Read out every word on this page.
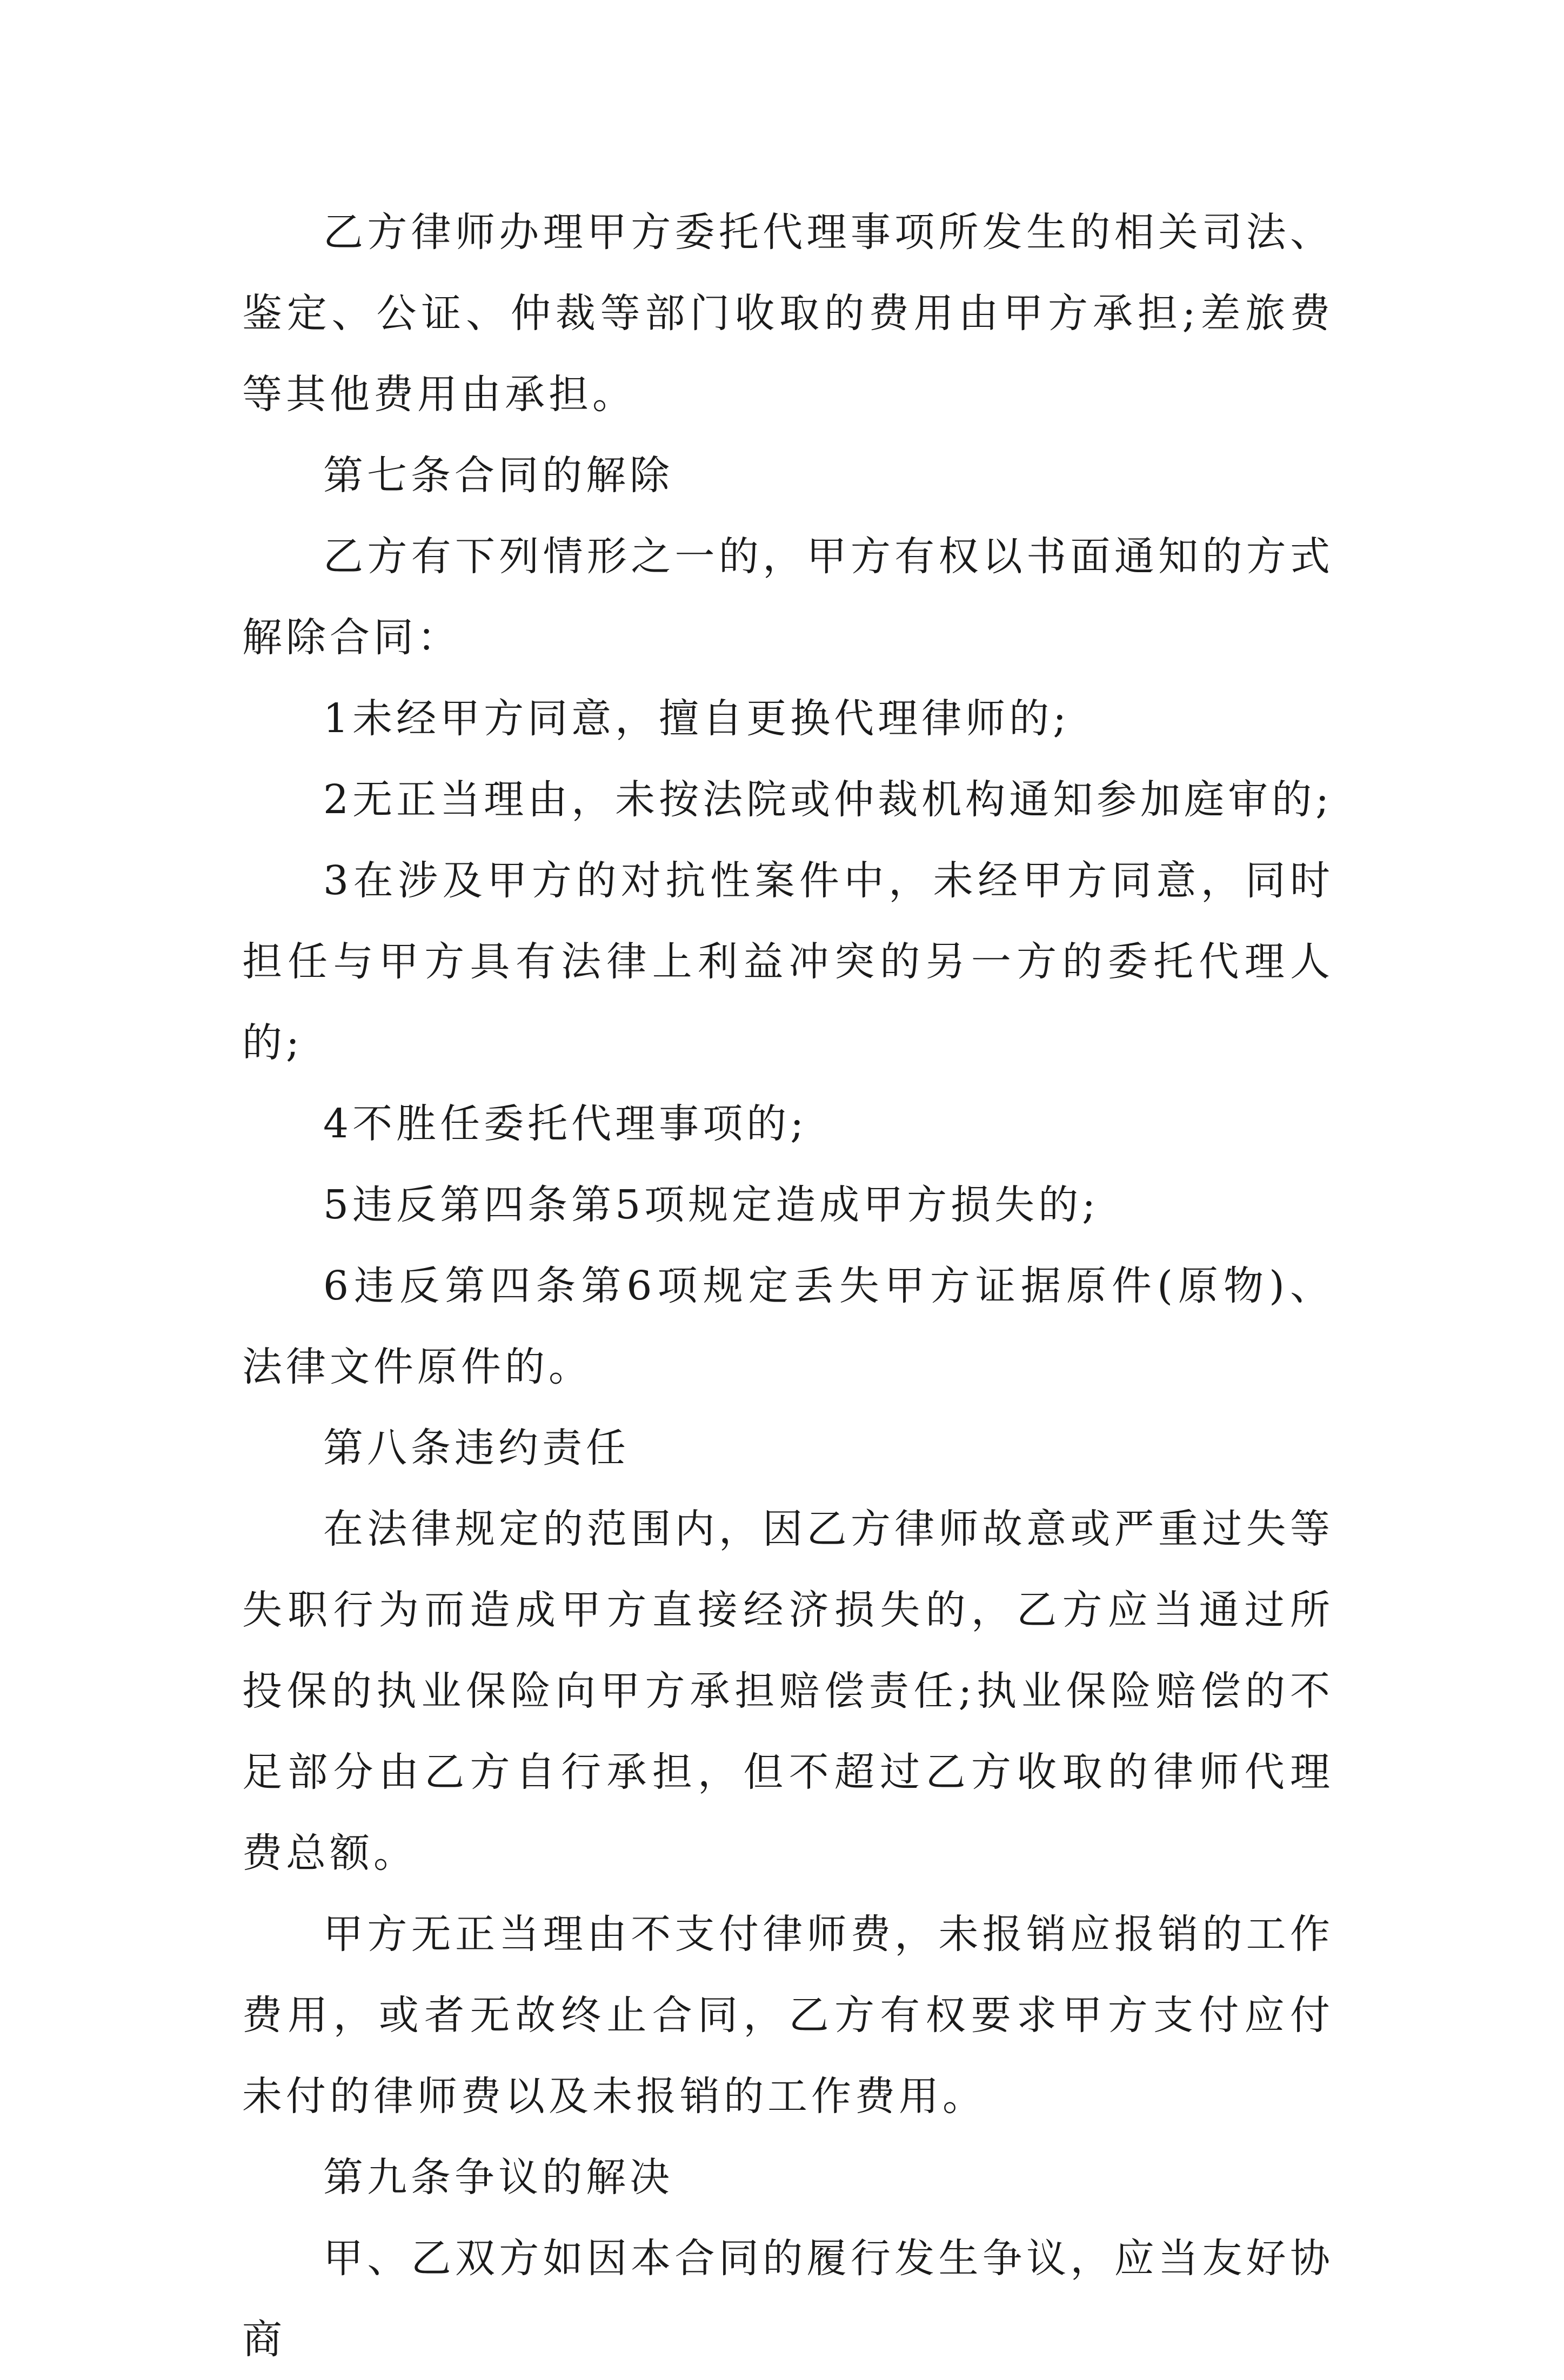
乙方律师办理甲方委托代理事项所发生的相关司法、鉴定、公证、仲裁等部门收取的费用由甲方承担;差旅费等其他费用由承担。

第七条合同的解除

乙方有下列情形之一的，甲方有权以书面通知的方式解除合同：

1未经甲方同意，擅自更换代理律师的;

2无正当理由，未按法院或仲裁机构通知参加庭审的;

3在涉及甲方的对抗性案件中，未经甲方同意，同时担任与甲方具有法律上利益冲突的另一方的委托代理人的;

4不胜任委托代理事项的;

5违反第四条第5项规定造成甲方损失的;

6违反第四条第6项规定丢失甲方证据原件(原物)、法律文件原件的。

第八条违约责任

在法律规定的范围内，因乙方律师故意或严重过失等失职行为而造成甲方直接经济损失的，乙方应当通过所投保的执业保险向甲方承担赔偿责任;执业保险赔偿的不足部分由乙方自行承担，但不超过乙方收取的律师代理费总额。

甲方无正当理由不支付律师费，未报销应报销的工作费用，或者无故终止合同，乙方有权要求甲方支付应付未付的律师费以及未报销的工作费用。

第九条争议的解决

甲、乙双方如因本合同的履行发生争议，应当友好协商
